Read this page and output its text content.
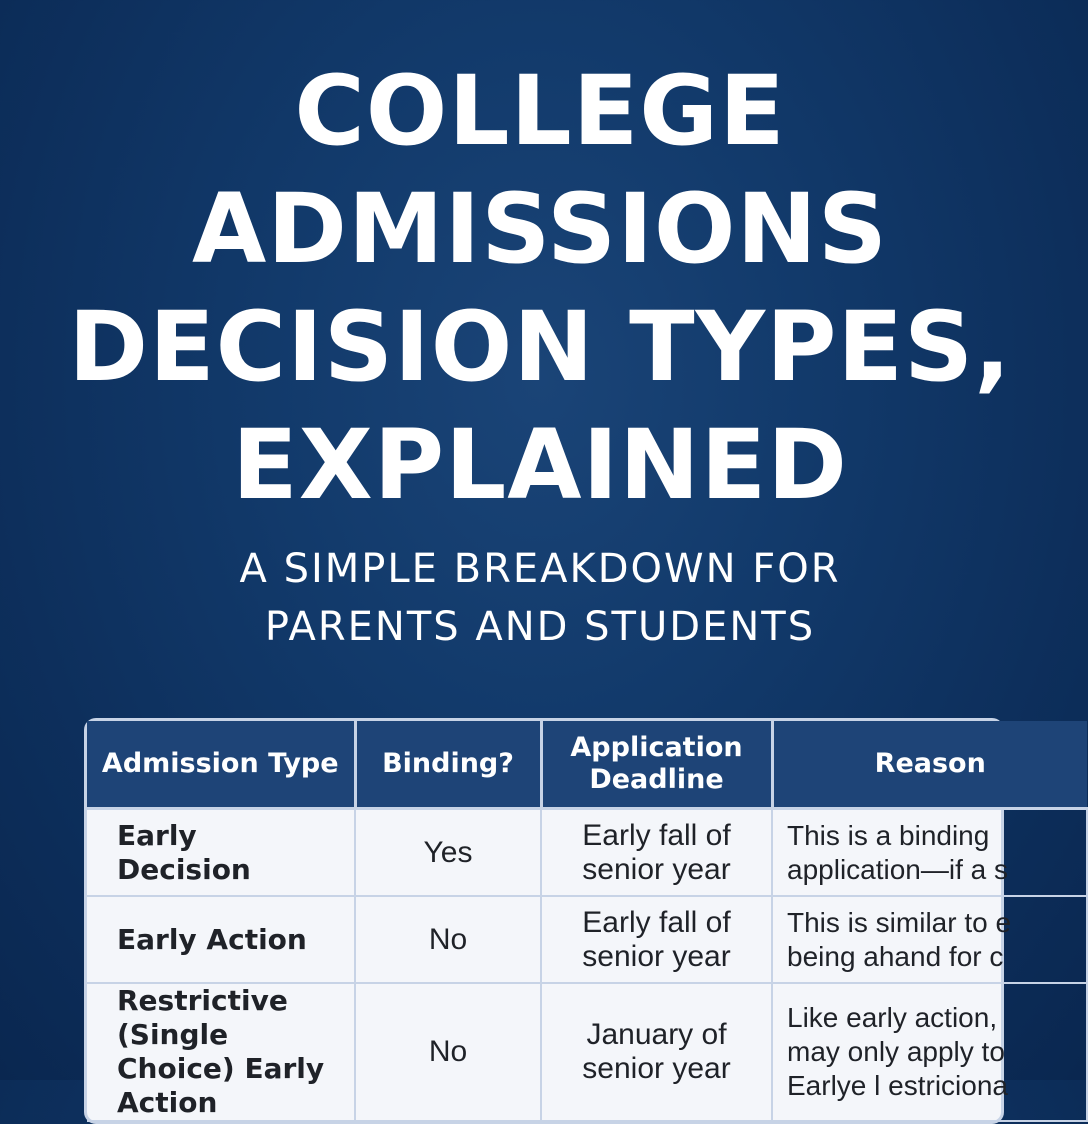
COLLEGE
ADMISSIONS
DECISION TYPES,
EXPLAINED
A SIMPLE BREAKDOWN FOR
PARENTS AND STUDENTS
Admission Type	Binding?	Application Deadline	Reason
Early Decision	Yes	Early fall of senior year	This is a binding
application—if a s

Early Action	No	Early fall of senior year	This is similar to e
being ahand for c

Restrictive (Single Choice) Early Action	No	January of senior year	Like early action,
may only apply to
Earlye l estriciona
